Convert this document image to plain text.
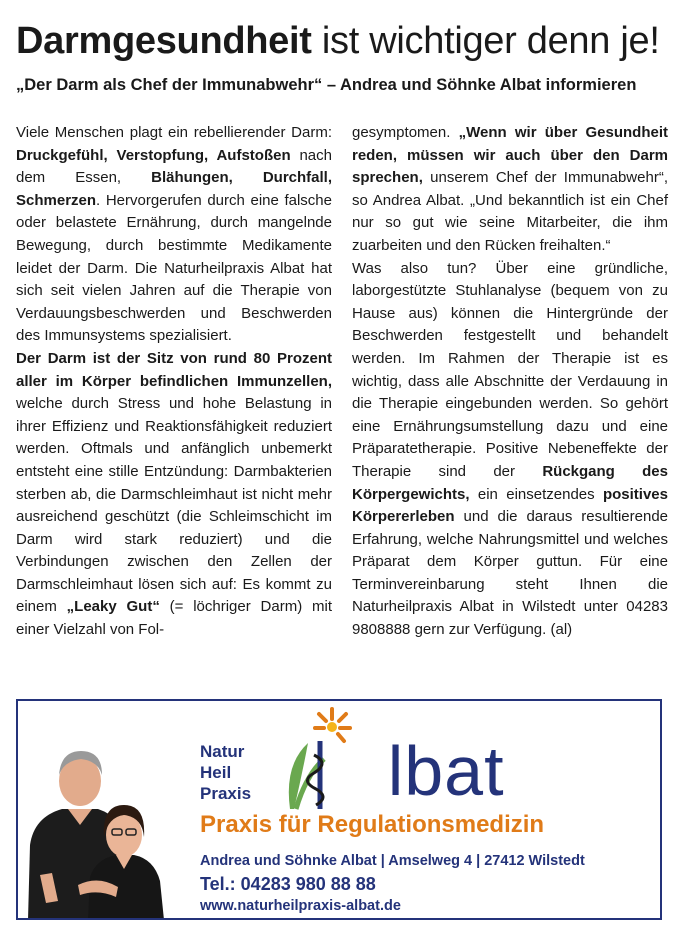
Darmgesundheit ist wichtiger denn je!
„Der Darm als Chef der Immunabwehr“ – Andrea und Söhnke Albat informieren

Viele Menschen plagt ein rebellierender Darm: Druckgefühl, Verstopfung, Aufstoßen nach dem Essen, Blähungen, Durchfall, Schmerzen. Hervorgerufen durch eine falsche oder belastete Ernährung, durch mangelnde Bewegung, durch bestimmte Medikamente leidet der Darm. Die Naturheilpraxis Albat hat sich seit vielen Jahren auf die Therapie von Verdauungsbeschwerden und Beschwerden des Immunsystems spezialisiert.

Der Darm ist der Sitz von rund 80 Prozent aller im Körper befindlichen Immunzellen, welche durch Stress und hohe Belastung in ihrer Effizienz und Reaktionsfähigkeit reduziert werden. Oftmals und anfänglich unbemerkt entsteht eine stille Entzündung: Darmbakterien sterben ab, die Darmschleimhaut ist nicht mehr ausreichend geschützt (die Schleimschicht im Darm wird stark reduziert) und die Verbindungen zwischen den Zellen der Darmschleimhaut lösen sich auf: Es kommt zu einem „Leaky Gut“ (= löchriger Darm) mit einer Vielzahl von Fol-

gesymptomen. „Wenn wir über Gesundheit reden, müssen wir auch über den Darm sprechen, unserem Chef der Immunabwehr“, so Andrea Albat. „Und bekanntlich ist ein Chef nur so gut wie seine Mitarbeiter, die ihm zuarbeiten und den Rücken freihalten.“

Was also tun? Über eine gründliche, laborgestützte Stuhlanalyse (bequem von zu Hause aus) können die Hintergründe der Beschwerden festgestellt und behandelt werden. Im Rahmen der Therapie ist es wichtig, dass alle Abschnitte der Verdauung in die Therapie eingebunden werden. So gehört eine Ernährungsumstellung dazu und eine Präparatetherapie. Positive Nebeneffekte der Therapie sind der Rückgang des Körpergewichts, ein einsetzendes positives Körpererleben und die daraus resultierende Erfahrung, welche Nahrungsmittel und welches Präparat dem Körper guttun. Für eine Terminvereinbarung steht Ihnen die Naturheilpraxis Albat in Wilstedt unter 04283 9808888 gern zur Verfügung. (al)

Natur
Heil
Praxis	lbat
Praxis für Regulationsmedizin
Andrea und Söhnke Albat | Amselweg 4 | 27412 Wilstedt
Tel.: 04283 980 88 88
www.naturheilpraxis-albat.de
